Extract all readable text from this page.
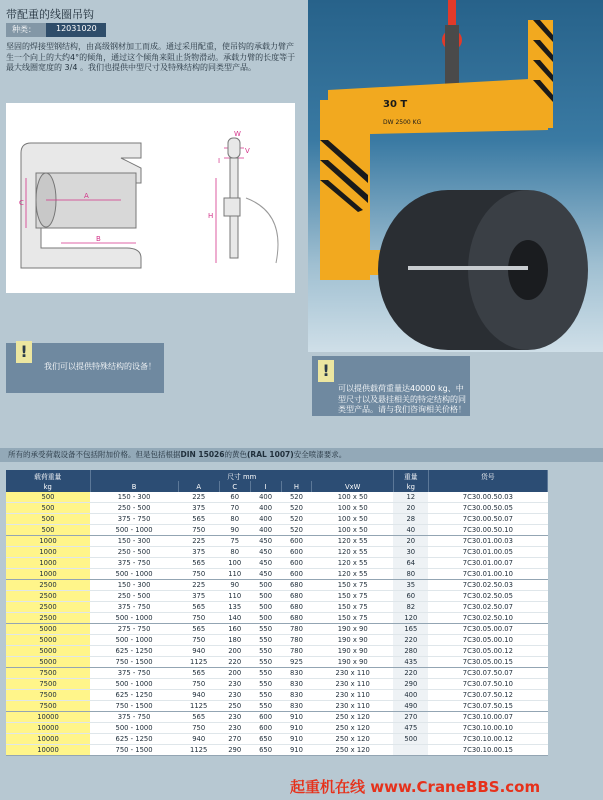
带配重的线圈吊钩
种类：	12031020
坚固的焊接型钢结构，由高级钢材加工而成。通过采用配重，使吊钩的承载力臂产生一个向上的大约4°的倾角，通过这个倾角来阻止货物滑动。承载力臂的长度等于最大线圈宽度的 3/4 。我们也提供中型尺寸及特殊结构的同类型产品。
A
B
C
H
I
V
W
30 T
DW 2500 KG
!
我们可以提供特殊结构的设备！	!
可以提供载荷重量达40000 kg、中型尺寸以及悬挂相关的特定结构的同类型产品。请与我们咨询相关价格！
所有的承受荷载设备不包括附加价格。但是包括根据DIN 15026的黄色(RAL 1007)安全喷漆要求。
载荷重量	尺寸 mm						重量	货号
kg	B	A	C	I	H	VxW	kg	
500	150 - 300	225	60	400	520	100 x 50	12	7C30.00.50.03
500	250 - 500	375	70	400	520	100 x 50	20	7C30.00.50.05
500	375 - 750	565	80	400	520	100 x 50	28	7C30.00.50.07
500	500 - 1000	750	90	400	520	100 x 50	40	7C30.00.50.10
1000	150 - 300	225	75	450	600	120 x 55	20	7C30.01.00.03
1000	250 - 500	375	80	450	600	120 x 55	30	7C30.01.00.05
1000	375 - 750	565	100	450	600	120 x 55	64	7C30.01.00.07
1000	500 - 1000	750	110	450	600	120 x 55	80	7C30.01.00.10
2500	150 - 300	225	90	500	680	150 x 75	35	7C30.02.50.03
2500	250 - 500	375	110	500	680	150 x 75	60	7C30.02.50.05
2500	375 - 750	565	135	500	680	150 x 75	82	7C30.02.50.07
2500	500 - 1000	750	140	500	680	150 x 75	120	7C30.02.50.10
5000	275 - 750	565	160	550	780	190 x 90	165	7C30.05.00.07
5000	500 - 1000	750	180	550	780	190 x 90	220	7C30.05.00.10
5000	625 - 1250	940	200	550	780	190 x 90	280	7C30.05.00.12
5000	750 - 1500	1125	220	550	925	190 x 90	435	7C30.05.00.15
7500	375 - 750	565	200	550	830	230 x 110	220	7C30.07.50.07
7500	500 - 1000	750	230	550	830	230 x 110	290	7C30.07.50.10
7500	625 - 1250	940	230	550	830	230 x 110	400	7C30.07.50.12
7500	750 - 1500	1125	250	550	830	230 x 110	490	7C30.07.50.15
10000	375 - 750	565	230	600	910	250 x 120	270	7C30.10.00.07
10000	500 - 1000	750	230	600	910	250 x 120	475	7C30.10.00.10
10000	625 - 1250	940	270	650	910	250 x 120	500	7C30.10.00.12
10000	750 - 1500	1125	290	650	910	250 x 120		7C30.10.00.15
起重机在线 www.CraneBBS.com
